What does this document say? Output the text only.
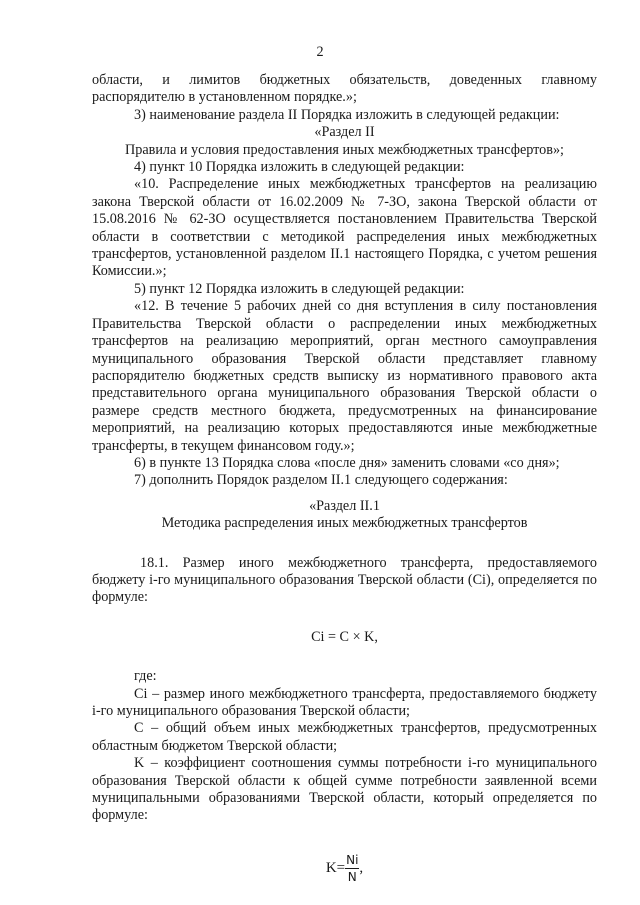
2

области, и лимитов бюджетных обязательств, доведенных главному распорядителю в установленном порядке.»;

3) наименование раздела II Порядка изложить в следующей редакции:

«Раздел II

Правила и условия предоставления иных межбюджетных трансфертов»;

4) пункт 10 Порядка изложить в следующей редакции:

«10. Распределение иных межбюджетных трансфертов на реализацию закона Тверской области от 16.02.2009 № 7-ЗО, закона Тверской области от 15.08.2016 № 62-ЗО осуществляется постановлением Правительства Тверской области в соответствии с методикой распределения иных межбюджетных трансфертов, установленной разделом II.1 настоящего Порядка, с учетом решения Комиссии.»;

5) пункт 12 Порядка изложить в следующей редакции:

«12. В течение 5 рабочих дней со дня вступления в силу постановления Правительства Тверской области о распределении иных межбюджетных трансфертов на реализацию мероприятий, орган местного самоуправления муниципального образования Тверской области представляет главному распорядителю бюджетных средств выписку из нормативного правового акта представительного органа муниципального образования Тверской области о размере средств местного бюджета, предусмотренных на финансирование мероприятий, на реализацию которых предоставляются иные межбюджетные трансферты, в текущем финансовом году.»;

6) в пункте 13 Порядка слова «после дня» заменить словами «со дня»;

7) дополнить Порядок разделом II.1 следующего содержания:

«Раздел II.1

Методика распределения иных межбюджетных трансфертов

18.1. Размер иного межбюджетного трансферта, предоставляемого бюджету i-го муниципального образования Тверской области (Ci), определяется по формуле:

Ci = C × K,

где:

Ci – размер иного межбюджетного трансферта, предоставляемого бюджету i-го муниципального образования Тверской области;

C – общий объем иных межбюджетных трансфертов, предусмотренных областным бюджетом Тверской области;

K – коэффициент соотношения суммы потребности i-го муниципального образования Тверской области к общей сумме потребности заявленной всеми муниципальными образованиями Тверской области, который определяется по формуле:

$K= \frac{Ni}{N}$ ,
